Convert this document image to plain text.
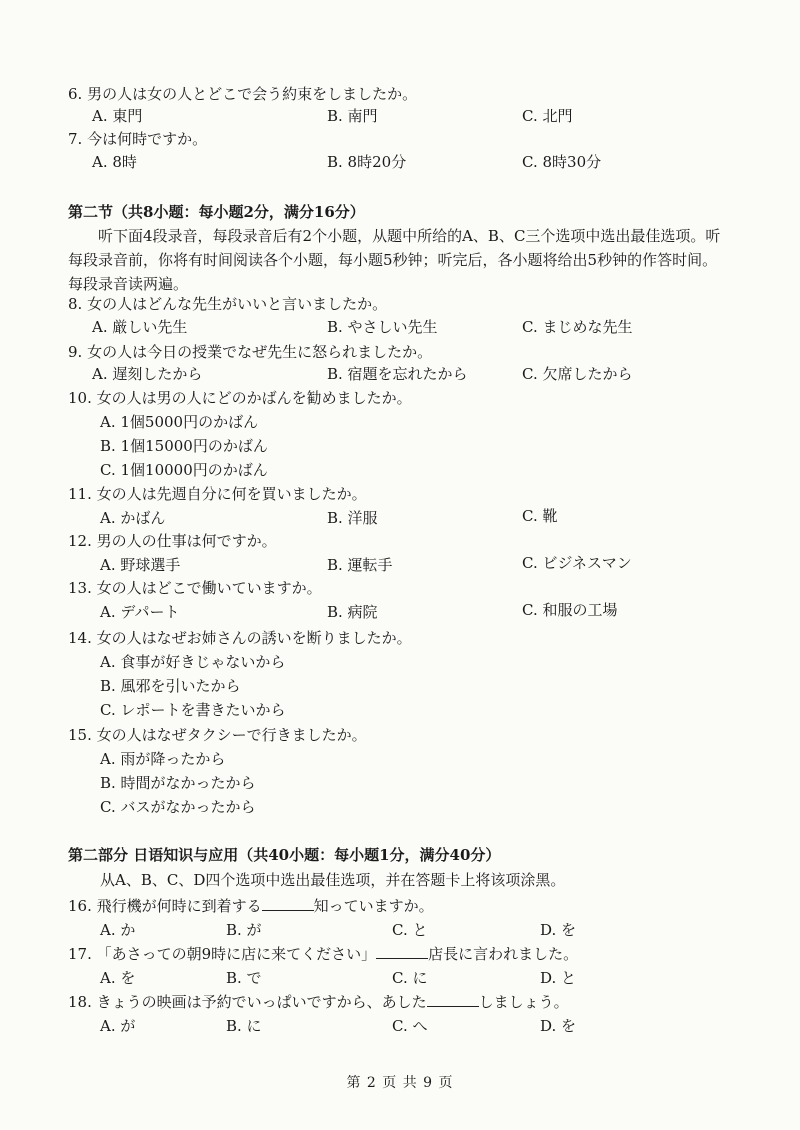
6. 男の人は女の人とどこで会う約束をしましたか。
A. 東門	B. 南門	C. 北門
7. 今は何時ですか。
A. 8時	B. 8時20分	C. 8時30分
第二节（共8小题：每小题2分，满分16分）
听下面4段录音，每段录音后有2个小题，从题中所给的A、B、C三个选项中选出最佳选项。听每段录音前，你将有时间阅读各个小题，每小题5秒钟；听完后，各小题将给出5秒钟的作答时间。每段录音读两遍。
8. 女の人はどんな先生がいいと言いましたか。
A. 厳しい先生	B. やさしい先生	C. まじめな先生
9. 女の人は今日の授業でなぜ先生に怒られましたか。
A. 遅刻したから	B. 宿題を忘れたから	C. 欠席したから
10. 女の人は男の人にどのかばんを勧めましたか。
A. 1個5000円のかばん
B. 1個15000円のかばん
C. 1個10000円のかばん
11. 女の人は先週自分に何を買いましたか。
A. かばん	B. 洋服	C. 靴
12. 男の人の仕事は何ですか。
A. 野球選手	B. 運転手	C. ビジネスマン
13. 女の人はどこで働いていますか。
A. デパート	B. 病院	C. 和服の工場
14. 女の人はなぜお姉さんの誘いを断りましたか。
A. 食事が好きじゃないから
B. 風邪を引いたから
C. レポートを書きたいから
15. 女の人はなぜタクシーで行きましたか。
A. 雨が降ったから
B. 時間がなかったから
C. バスがなかったから
第二部分 日语知识与应用（共40小题：每小题1分，满分40分）
从A、B、C、D四个选项中选出最佳选项，并在答题卡上将该项涂黑。
16. 飛行機が何時に到着する	知っていますか。
A. か	B. が	C. と	D. を
17. 「あさっての朝9時に店に来てください」	店長に言われました。
A. を	B. で	C. に	D. と
18. きょうの映画は予約でいっぱいですから、あした	しましょう。
A. が	B. に	C. へ	D. を
第 2 页 共 9 页
